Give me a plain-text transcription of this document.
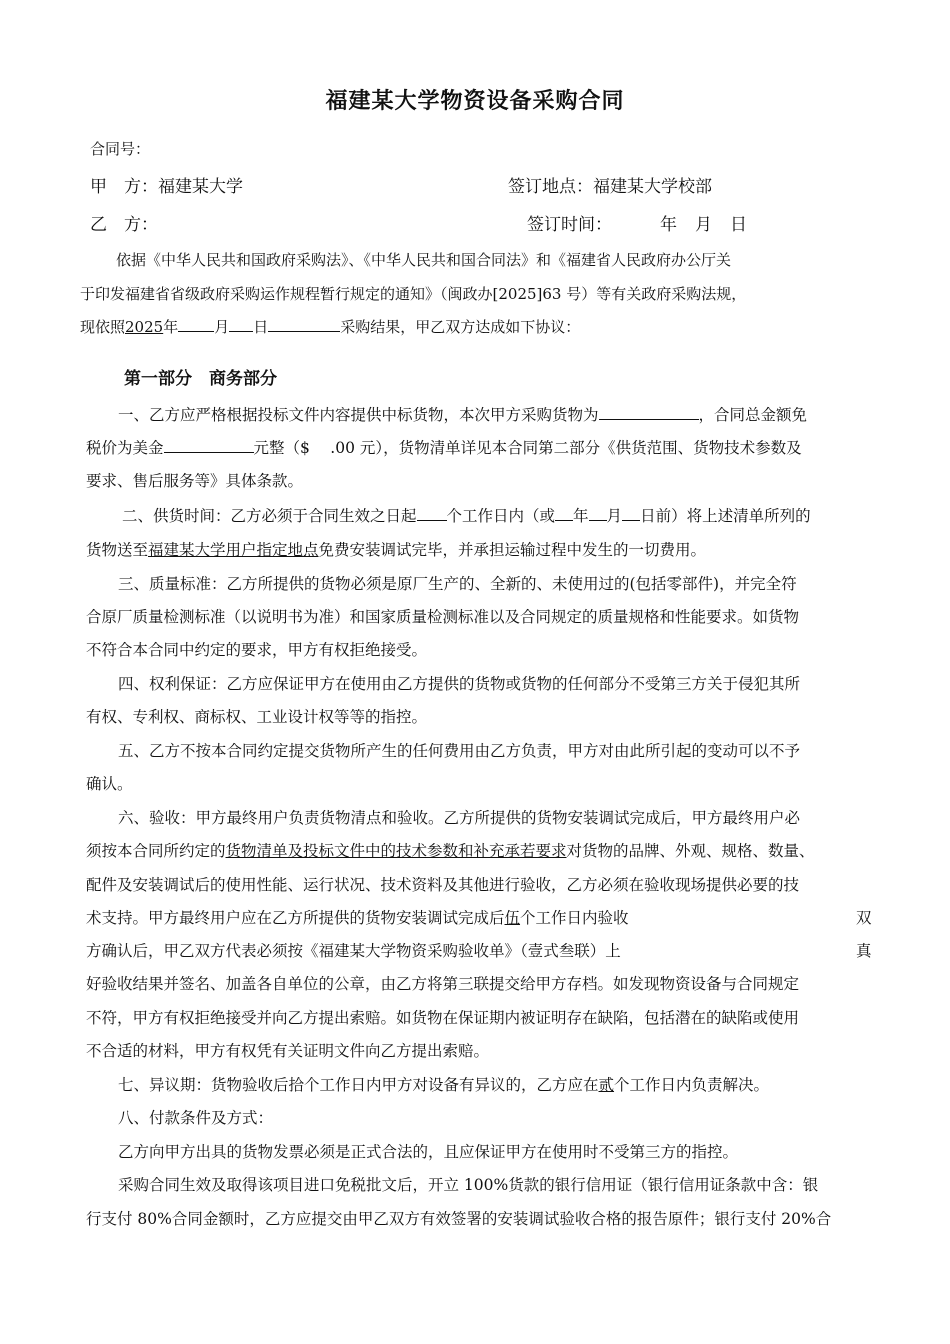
福建某大学物资设备采购合同
合同号：
甲　方：福建某大学	签订地点：福建某大学校部
乙　方：	签订时间：	年 月 日
依据《中华人民共和国政府采购法》、《中华人民共和国合同法》和《福建省人民政府办公厅关
于印发福建省省级政府采购运作规程暂行规定的通知》（闽政办[2025]63 号）等有关政府采购法规，
现依照2025年 月 日	采购结果，甲乙双方达成如下协议：
第一部分　商务部分
一、乙方应严格根据投标文件内容提供中标货物，本次甲方采购货物为	，合同总金额免
税价为美金	元整（$　 .00 元），货物清单详见本合同第二部分《供货范围、货物技术参数及
要求、售后服务等》具体条款。
二、供货时间：乙方必须于合同生效之日起 个工作日内（或 年 月 日前）将上述清单所列的
货物送至福建某大学用户指定地点免费安装调试完毕，并承担运输过程中发生的一切费用。
三、质量标准：乙方所提供的货物必须是原厂生产的、全新的、未使用过的(包括零部件)，并完全符
合原厂质量检测标准（以说明书为准）和国家质量检测标准以及合同规定的质量规格和性能要求。如货物
不符合本合同中约定的要求，甲方有权拒绝接受。
四、权利保证：乙方应保证甲方在使用由乙方提供的货物或货物的任何部分不受第三方关于侵犯其所
有权、专利权、商标权、工业设计权等等的指控。
五、乙方不按本合同约定提交货物所产生的任何费用由乙方负责，甲方对由此所引起的变动可以不予
确认。
六、验收：甲方最终用户负责货物清点和验收。乙方所提供的货物安装调试完成后，甲方最终用户必
须按本合同所约定的货物清单及投标文件中的技术参数和补充承若要求对货物的品牌、外观、规格、数量、
配件及安装调试后的使用性能、运行状况、技术资料及其他进行验收，乙方必须在验收现场提供必要的技
术支持。甲方最终用户应在乙方所提供的货物安装调试完成后伍个工作日内验收	双
方确认后，甲乙双方代表必须按《福建某大学物资采购验收单》（壹式叁联）上	真
好验收结果并签名、加盖各自单位的公章，由乙方将第三联提交给甲方存档。如发现物资设备与合同规定
不符，甲方有权拒绝接受并向乙方提出索赔。如货物在保证期内被证明存在缺陷，包括潜在的缺陷或使用
不合适的材料，甲方有权凭有关证明文件向乙方提出索赔。
七、异议期：货物验收后拾个工作日内甲方对设备有异议的，乙方应在贰个工作日内负责解决。
八、付款条件及方式：
乙方向甲方出具的货物发票必须是正式合法的，且应保证甲方在使用时不受第三方的指控。
采购合同生效及取得该项目进口免税批文后，开立 100%货款的银行信用证（银行信用证条款中含：银
行支付 80%合同金额时，乙方应提交由甲乙双方有效签署的安装调试验收合格的报告原件；银行支付 20%合
